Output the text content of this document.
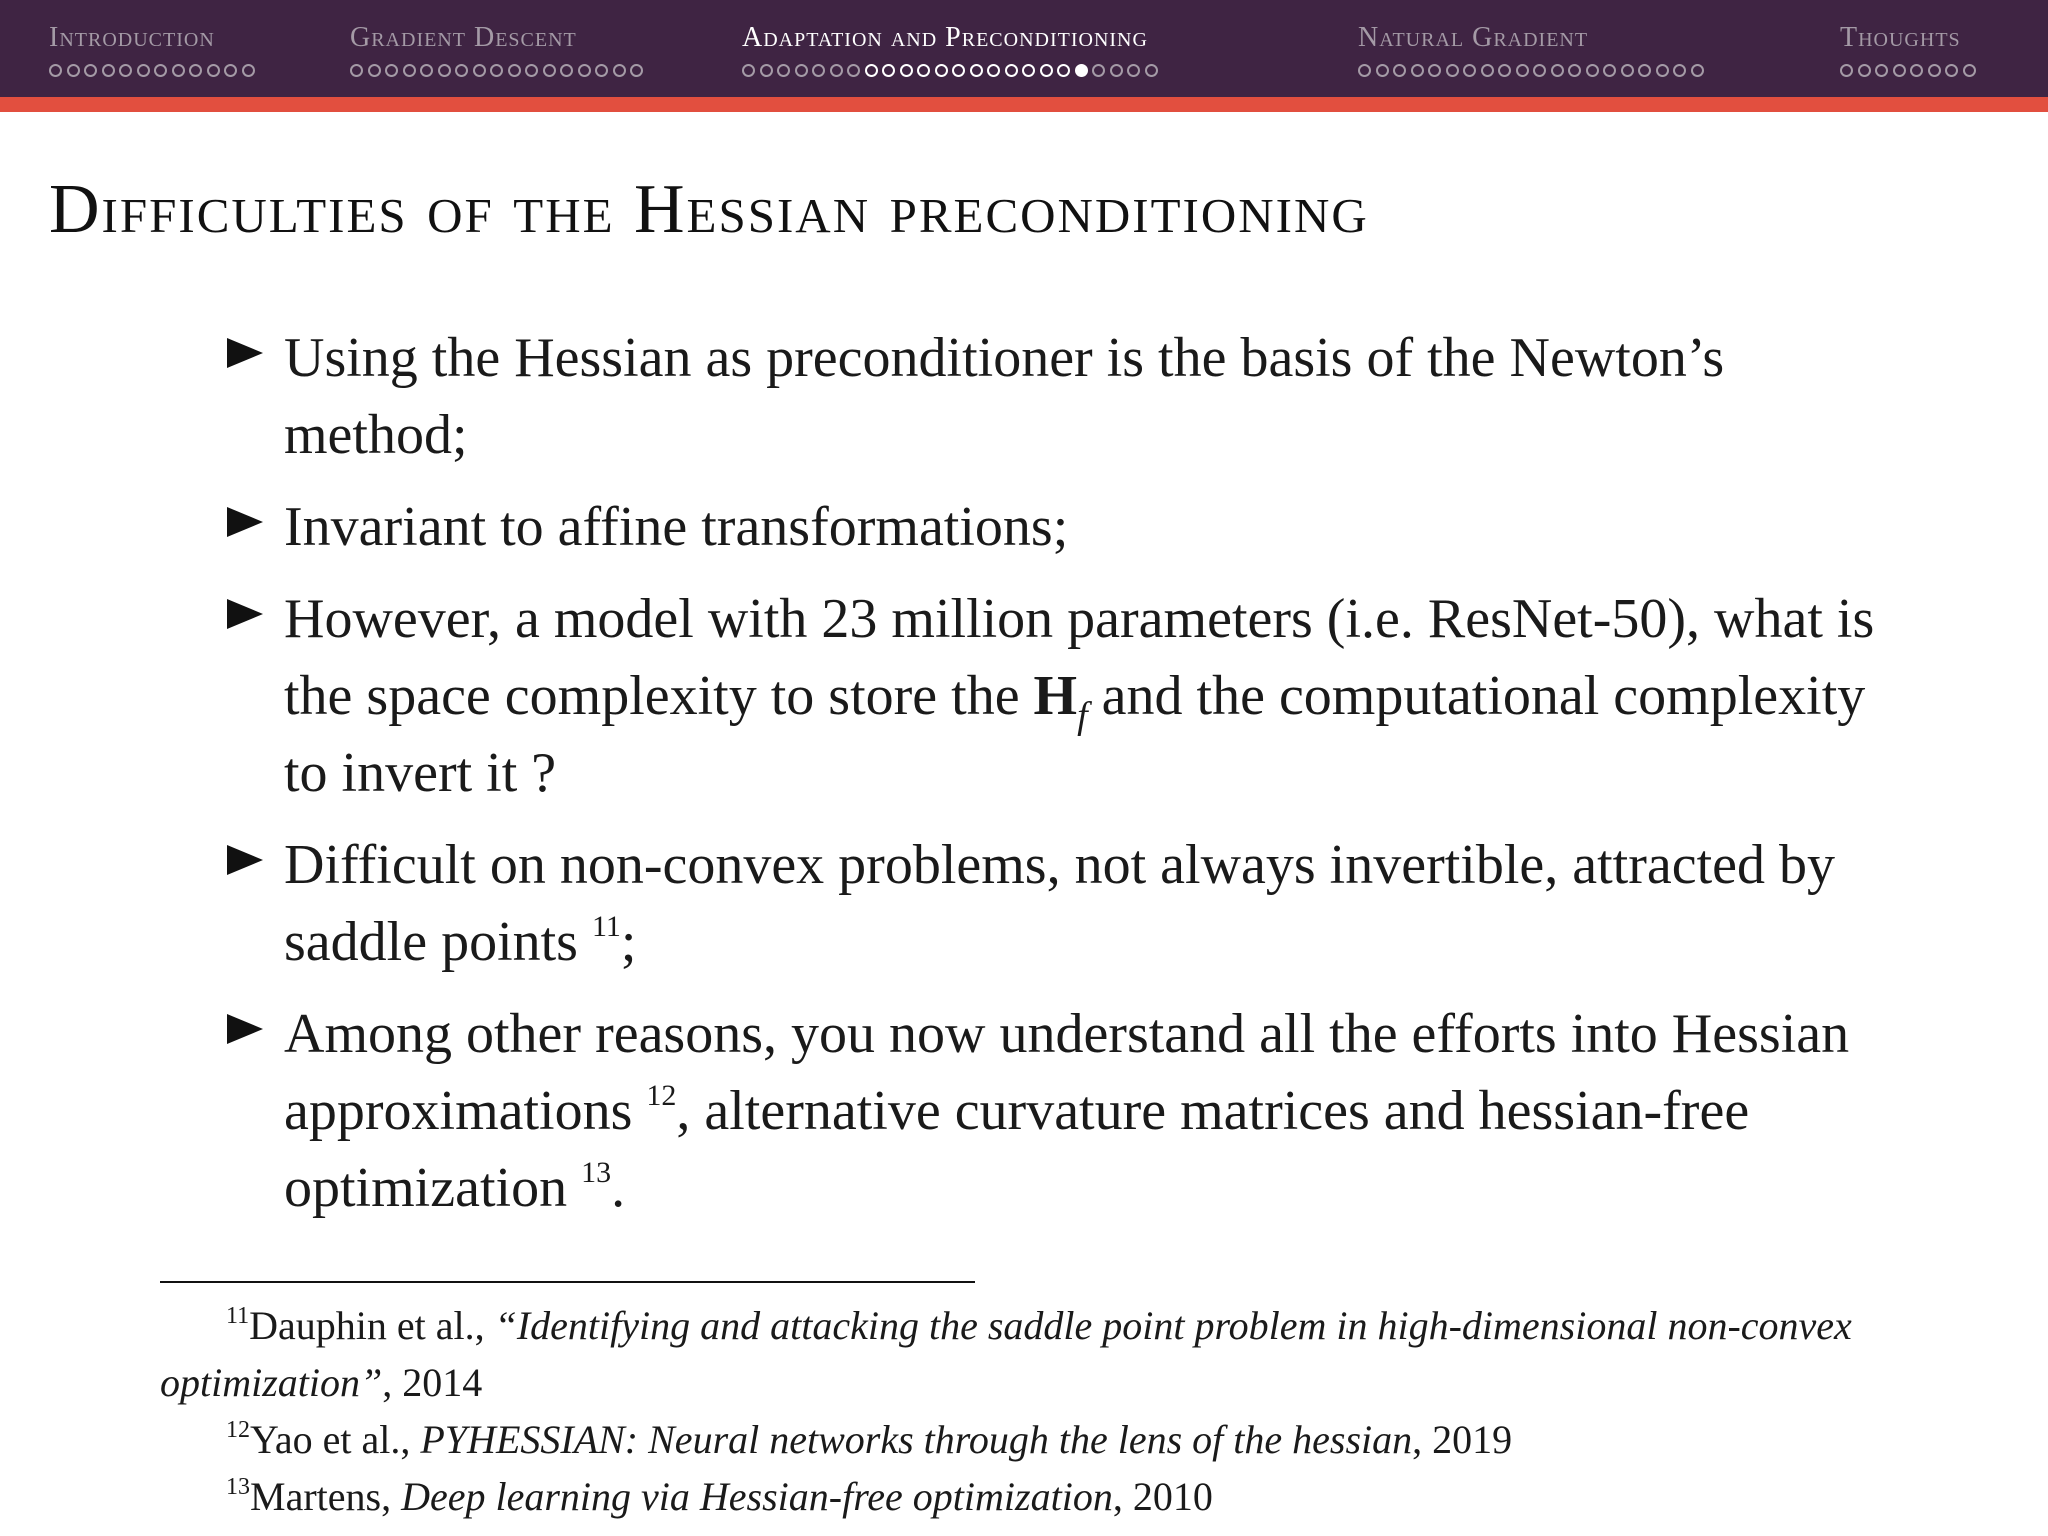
Introduction	Gradient Descent	Adaptation and Preconditioning	Natural Gradient	Thoughts
Difficulties of the Hessian preconditioning
Using the Hessian as preconditioner is the basis of the Newton’s method;
Invariant to affine transformations;
However, a model with 23 million parameters (i.e. ResNet-50), what is the space complexity to store the $H_f$ and the computational complexity to invert it ?
Difficult on non-convex problems, not always invertible, attracted by saddle points $^{11}$;
Among other reasons, you now understand all the efforts into Hessian approximations $^{12}$, alternative curvature matrices and hessian-free optimization $^{13}$.
$^{11}$Dauphin et al., “Identifying and attacking the saddle point problem in high-dimensional non-convex optimization”, 2014
$^{12}$Yao et al., PYHESSIAN: Neural networks through the lens of the hessian, 2019
$^{13}$Martens, Deep learning via Hessian-free optimization, 2010
